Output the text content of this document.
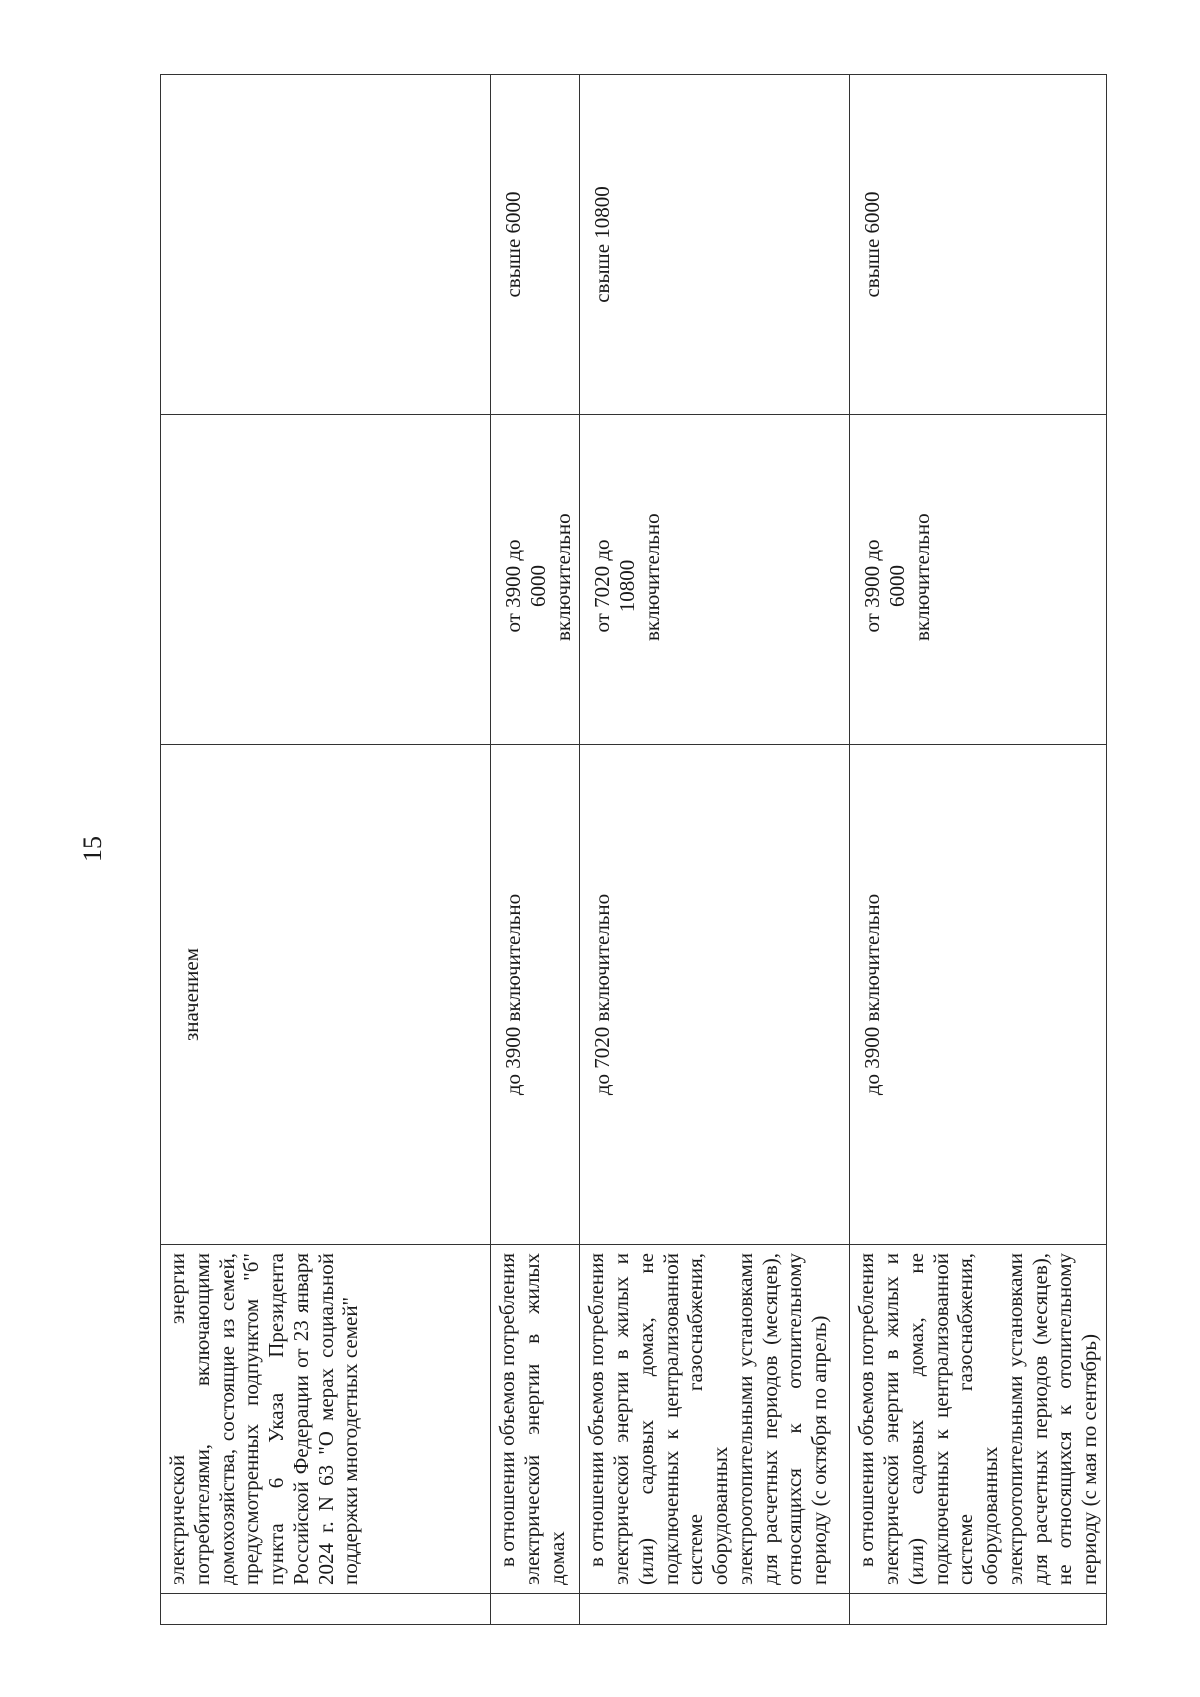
15
	электрической энергии потребителями, включающими домохозяйства, состоящие из семей, предусмотренных подпунктом "б" пункта 6 Указа Президента Российской Федерации от 23 января 2024 г. N 63 "О мерах социальной поддержки многодетных семей"	значением		

	в отношении объемов потребления электрической энергии в жилых домах	до 3900 включительно	от 3900 до 6000 включительно	свыше 6000

	в отношении объемов потребления электрической энергии в жилых и (или) садовых домах, не подключенных к централизованной системе газоснабжения, оборудованных электроотопительными установками для расчетных периодов (месяцев), относящихся к отопительному периоду (с октября по апрель)	до 7020 включительно	от 7020 до 10800 включительно	свыше 10800

	в отношении объемов потребления электрической энергии в жилых и (или) садовых домах, не подключенных к централизованной системе газоснабжения, оборудованных электроотопительными установками для расчетных периодов (месяцев), не относящихся к отопительному периоду (с мая по сентябрь)	до 3900 включительно	от 3900 до 6000 включительно	свыше 6000
